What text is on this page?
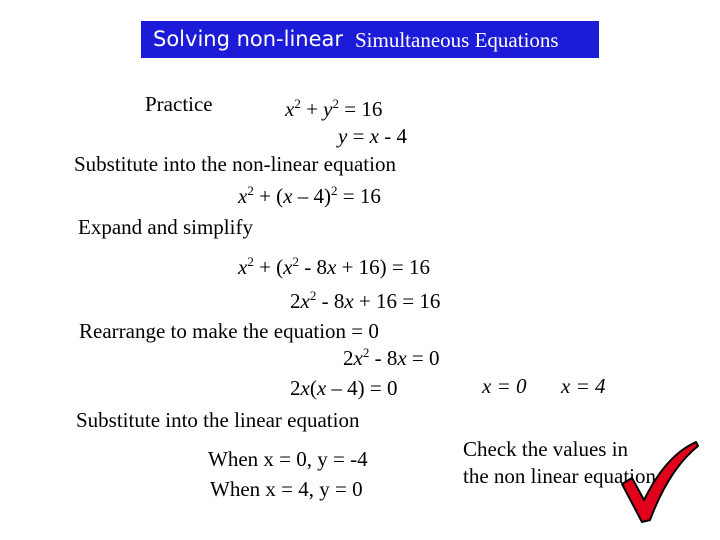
Solving non-linear Simultaneous Equations
Practice	$x^2 + y^2 = 16$
y = x - 4
Substitute into the non-linear equation
$x^2 + (x - 4)^2 = 16$
Expand and simplify
$x^2 + (x^2 - 8x + 16) = 16$
$2x^2 - 8x + 16 = 16$
Rearrange to make the equation = 0
$2x^2 - 8x = 0$
2x(x – 4) = 0	x = 0 x = 4
Substitute into the linear equation
When x = 0, y = -4
When x = 4, y = 0
Check the values in
the non linear equation
